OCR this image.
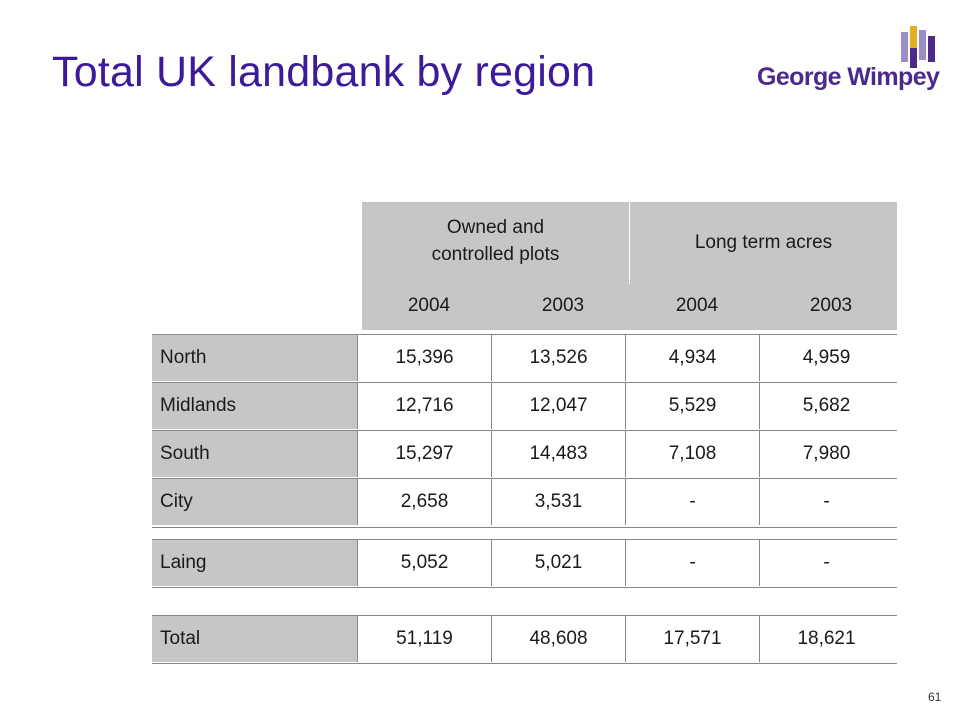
Total UK landbank by region	George Wimpey
Owned and
controlled plots
Long term acres
2004	2003	2004	2003
North	15,396	13,526	4,934	4,959
Midlands	12,716	12,047	5,529	5,682
South	15,297	14,483	7,108	7,980
City	2,658	3,531	-	-
Laing	5,052	5,021	-	-
Total	51,119	48,608	17,571	18,621
61
